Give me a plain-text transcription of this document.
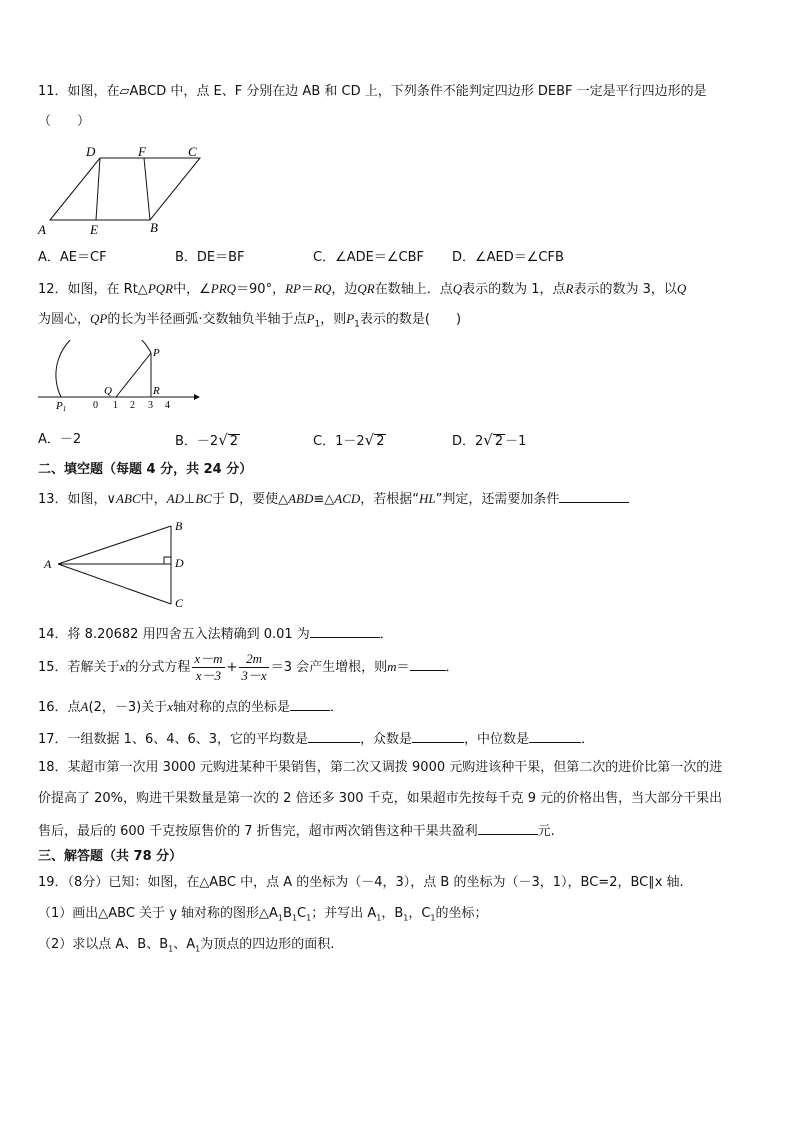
11．如图，在▱ABCD 中，点 E、F 分别在边 AB 和 CD 上，下列条件不能判定四边形 DEBF 一定是平行四边形的是
（　　）
D	F	C
A	E	B
A．AE＝CF	B．DE＝BF	C．∠ADE＝∠CBF D．∠AED＝∠CFB
12．如图，在 Rt△PQR中，∠PRQ＝90°，RP＝RQ，边QR在数轴上．点Q表示的数为 1，点R表示的数为 3，以Q
为圆心，QP的长为半径画弧·交数轴负半轴于点$P_1$，则$P_1$表示的数是(　　)
P
Q	R
P1	0 1 2 3 4
A．－2	B．－2√ 2	C．1－2√ 2	D．2√ 2 －1
二、填空题（每题 4 分，共 24 分）
13．如图，∨ABC中，AD⊥BC于 D，要使△ABD≌△ACD，若根据“HL”判定，还需要加条件
A
B
D
C
14．将 8.20682 用四舍五入法精确到 0.01 为	．
15．若解关于x的分式方程 $\frac{x-m}{x-3} + \frac{2m}{3-x} =3$ 会产生增根，则m＝	．
16．点A(2，－3)关于x轴对称的点的坐标是	．
17．一组数据 1、6、4、6、3，它的平均数是	，众数是	，中位数是	．
18．某超市第一次用 3000 元购进某种干果销售，第二次又调拨 9000 元购进该种干果，但第二次的进价比第一次的进
价提高了 20%，购进干果数量是第一次的 2 倍还多 300 千克，如果超市先按每千克 9 元的价格出售，当大部分干果出
售后，最后的 600 千克按原售价的 7 折售完，超市两次销售这种干果共盈利	元.
三、解答题（共 78 分）
19．（8分）已知：如图，在△ABC 中，点 A 的坐标为（－4，3），点 B 的坐标为（－3，1），BC=2，BC∥x 轴.
（1）画出△ABC 关于 y 轴对称的图形$\triangle A_1B_1C_1$；并写出 $A_1$，$B_1$，$C_1$的坐标；
（2）求以点 A、B、$B_1$、$A_1$为顶点的四边形的面积.
